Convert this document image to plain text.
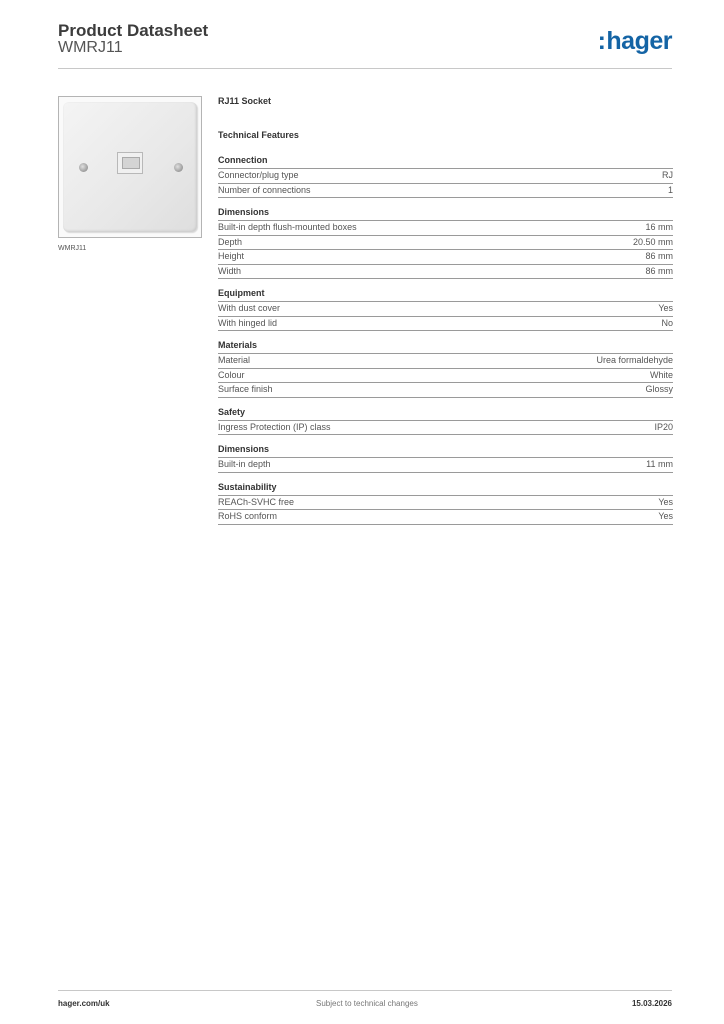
Product Datasheet
WMRJ11	:hager
WMRJ11
RJ11 Socket
Technical Features
Connection
Connector/plug type	RJ
Number of connections	1
Dimensions
Built-in depth flush-mounted boxes	16 mm
Depth	20.50 mm
Height	86 mm
Width	86 mm
Equipment
With dust cover	Yes
With hinged lid	No
Materials
Material	Urea formaldehyde
Colour	White
Surface finish	Glossy
Safety
Ingress Protection (IP) class	IP20
Dimensions
Built-in depth	11 mm
Sustainability
REACh-SVHC free	Yes
RoHS conform	Yes
hager.com/uk	Subject to technical changes	15.03.2026
